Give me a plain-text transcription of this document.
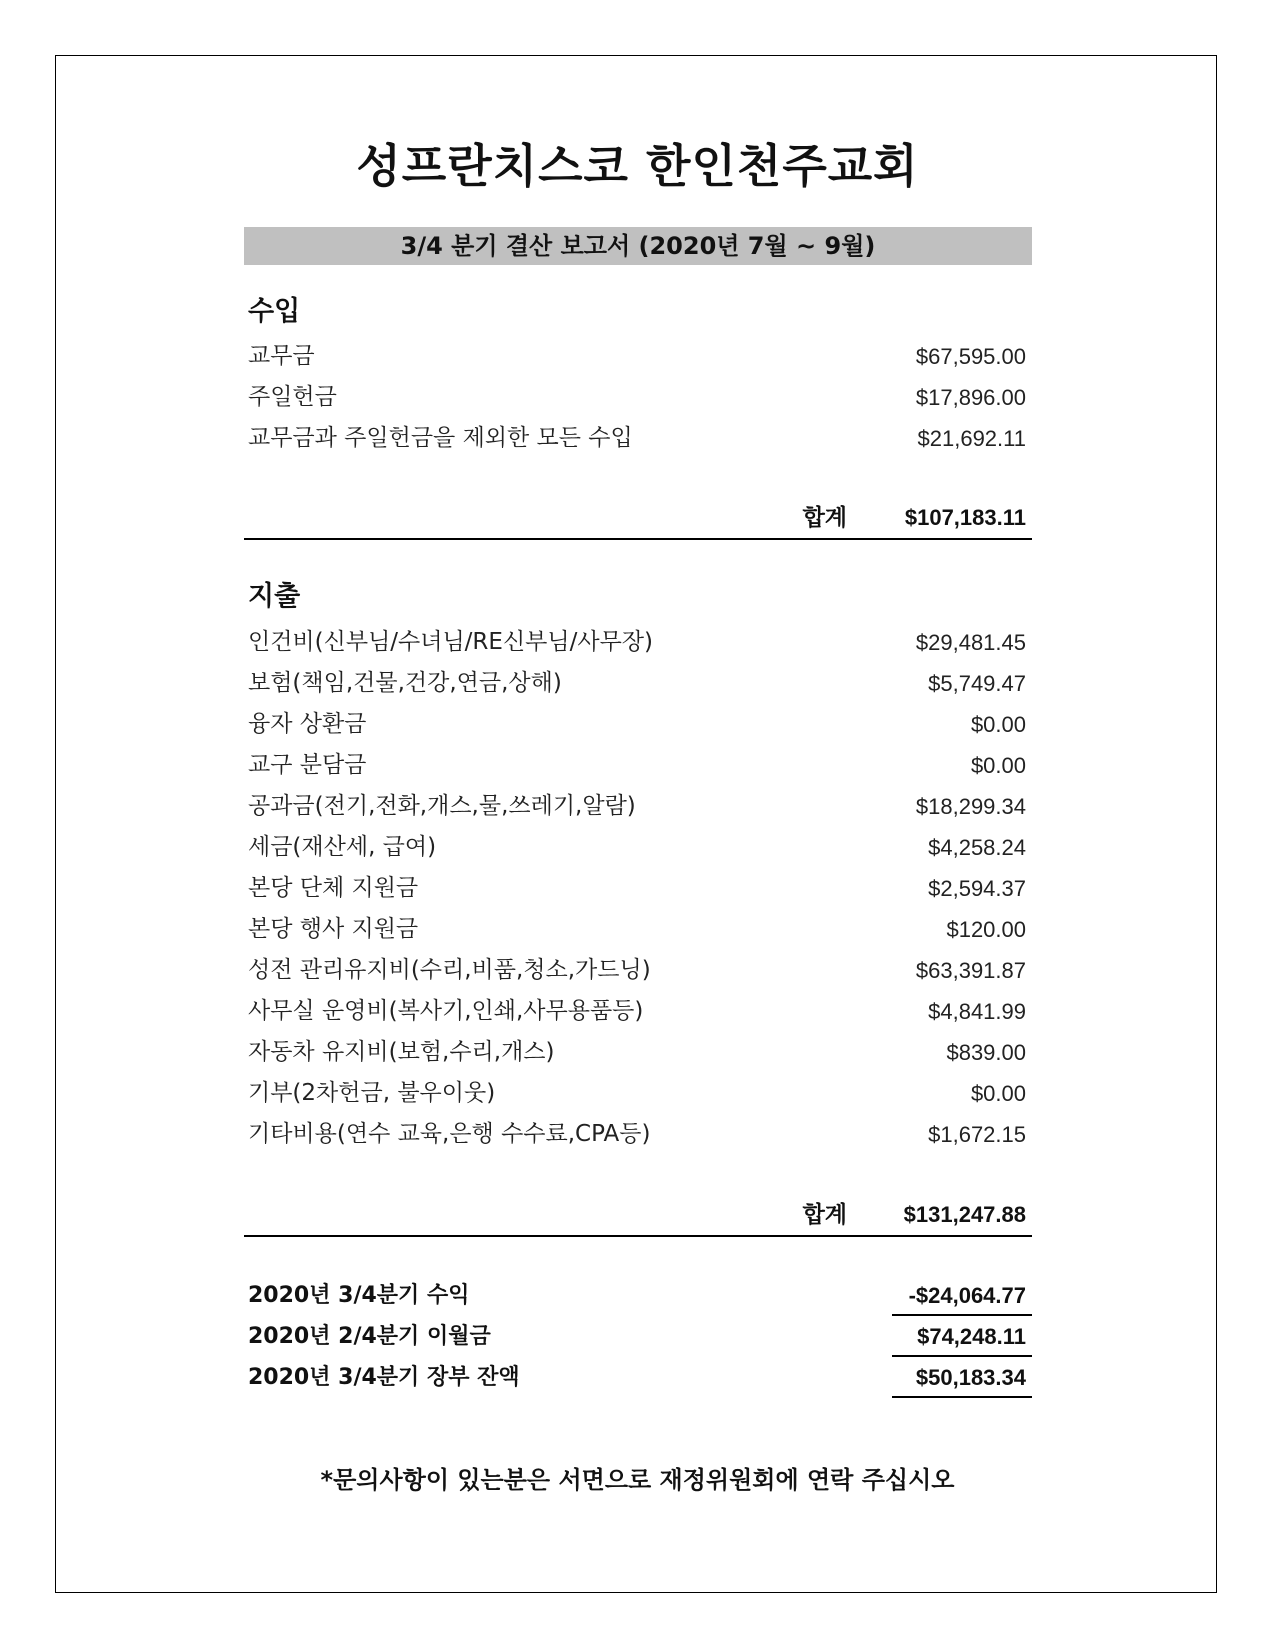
성프란치스코 한인천주교회
3/4 분기 결산 보고서 (2020년 7월 ~ 9월)
수입
교무금	$67,595.00
주일헌금	$17,896.00
교무금과 주일헌금을 제외한 모든 수입	$21,692.11
합계	$107,183.11
지출
인건비(신부님/수녀님/RE신부님/사무장)	$29,481.45
보험(책임,건물,건강,연금,상해)	$5,749.47
융자 상환금	$0.00
교구 분담금	$0.00
공과금(전기,전화,개스,물,쓰레기,알람)	$18,299.34
세금(재산세, 급여)	$4,258.24
본당 단체 지원금	$2,594.37
본당 행사 지원금	$120.00
성전 관리유지비(수리,비품,청소,가드닝)	$63,391.87
사무실 운영비(복사기,인쇄,사무용품등)	$4,841.99
자동차 유지비(보험,수리,개스)	$839.00
기부(2차헌금, 불우이웃)	$0.00
기타비용(연수 교육,은행 수수료,CPA등)	$1,672.15
합계	$131,247.88
2020년 3/4분기 수익	-$24,064.77
2020년 2/4분기 이월금	$74,248.11
2020년 3/4분기 장부 잔액	$50,183.34
*문의사항이 있는분은 서면으로 재정위원회에 연락 주십시오
